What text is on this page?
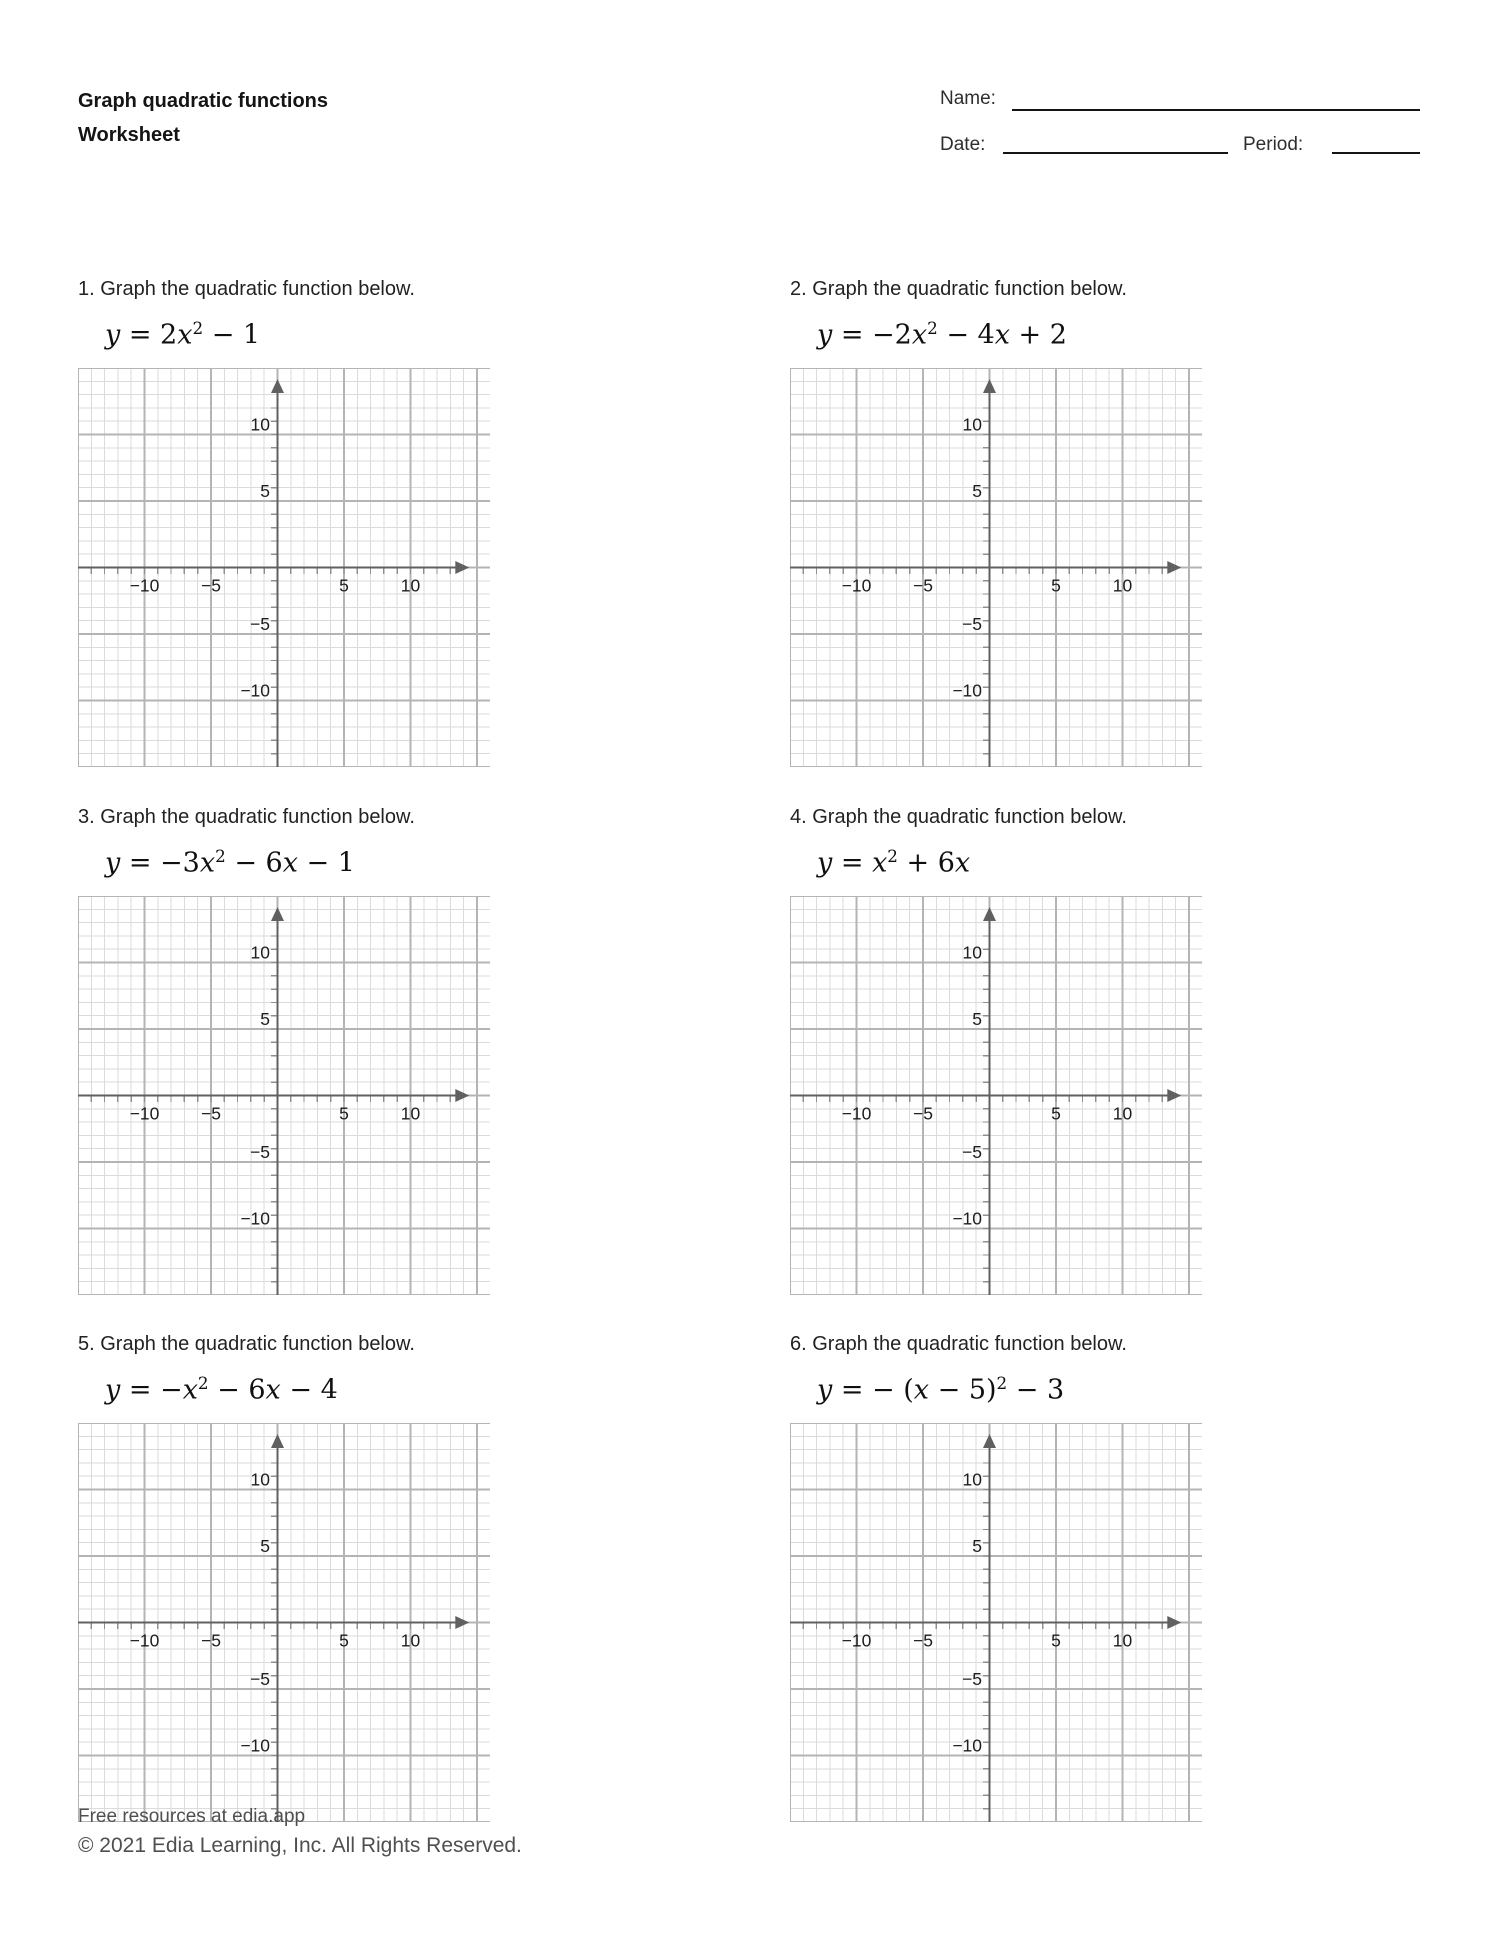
Graph quadratic functions
Worksheet
Name:
Date:	Period:
1. Graph the quadratic function below.
$y = 2x^2 - 1$
−10 −5	5	10
10
5
−5
−10
2. Graph the quadratic function below.
$y = -2x^2 - 4x + 2$
−10 −5	5	10
10
5
−5
−10
3. Graph the quadratic function below.
$y = -3x^2 - 6x - 1$
−10 −5	5	10
10
5
−5
−10
4. Graph the quadratic function below.
$y = x^2 + 6x$
−10 −5	5	10
10
5
−5
−10
5. Graph the quadratic function below.
$y = -x^2 - 6x - 4$
−10 −5	5	10
10
5
−5
−10
6. Graph the quadratic function below.
y = − $(x - 5)^2 - 3$
−10 −5	5	10
10
5
−5
−10
Free resources at edia.app
© 2021 Edia Learning, Inc. All Rights Reserved.
